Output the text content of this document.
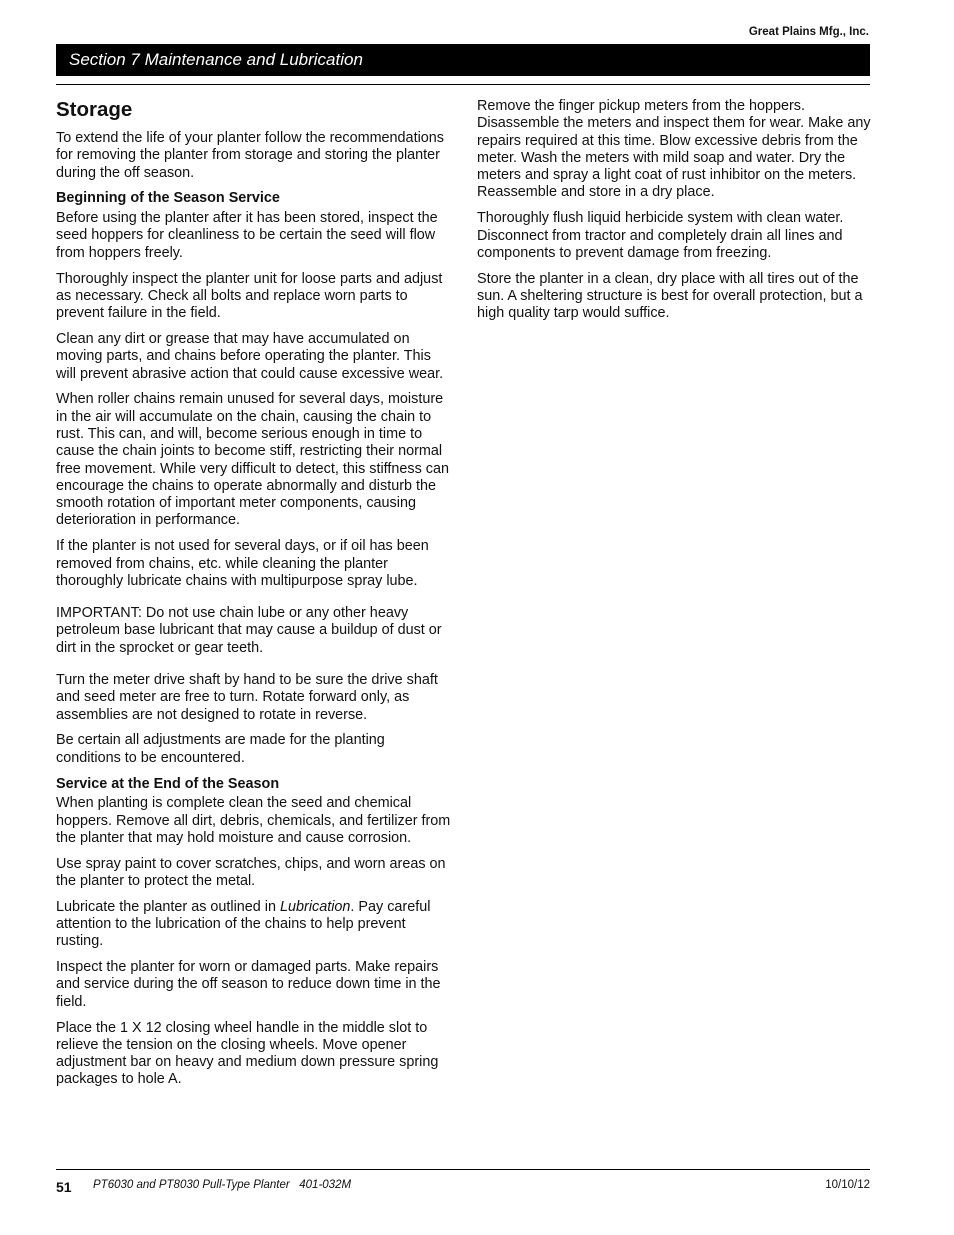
Great Plains Mfg., Inc.
Section 7 Maintenance and Lubrication
Storage

To extend the life of your planter follow the recommendations for removing the planter from storage and storing the planter during the off season.

Beginning of the Season Service

Before using the planter after it has been stored, inspect the seed hoppers for cleanliness to be certain the seed will flow from hoppers freely.

Thoroughly inspect the planter unit for loose parts and adjust as necessary. Check all bolts and replace worn parts to prevent failure in the field.

Clean any dirt or grease that may have accumulated on moving parts, and chains before operating the planter. This will prevent abrasive action that could cause excessive wear.

When roller chains remain unused for several days, moisture in the air will accumulate on the chain, causing the chain to rust. This can, and will, become serious enough in time to cause the chain joints to become stiff, restricting their normal free movement. While very difficult to detect, this stiffness can encourage the chains to operate abnormally and disturb the smooth rotation of important meter components, causing deterioration in performance.

If the planter is not used for several days, or if oil has been removed from chains, etc. while cleaning the planter thoroughly lubricate chains with multipurpose spray lube.

IMPORTANT: Do not use chain lube or any other heavy petroleum base lubricant that may cause a buildup of dust or dirt in the sprocket or gear teeth.

Turn the meter drive shaft by hand to be sure the drive shaft and seed meter are free to turn. Rotate forward only, as assemblies are not designed to rotate in reverse.

Be certain all adjustments are made for the planting conditions to be encountered.

Service at the End of the Season

When planting is complete clean the seed and chemical hoppers. Remove all dirt, debris, chemicals, and fertilizer from the planter that may hold moisture and cause corrosion.

Use spray paint to cover scratches, chips, and worn areas on the planter to protect the metal.

Lubricate the planter as outlined in Lubrication. Pay careful attention to the lubrication of the chains to help prevent rusting.

Inspect the planter for worn or damaged parts. Make repairs and service during the off season to reduce down time in the field.

Place the 1 X 12 closing wheel handle in the middle slot to relieve the tension on the closing wheels. Move opener adjustment bar on heavy and medium down pressure spring packages to hole A.

Remove the finger pickup meters from the hoppers. Disassemble the meters and inspect them for wear. Make any repairs required at this time. Blow excessive debris from the meter. Wash the meters with mild soap and water. Dry the meters and spray a light coat of rust inhibitor on the meters. Reassemble and store in a dry place.

Thoroughly flush liquid herbicide system with clean water. Disconnect from tractor and completely drain all lines and components to prevent damage from freezing.

Store the planter in a clean, dry place with all tires out of the sun. A sheltering structure is best for overall protection, but a high quality tarp would suffice.

51 PT6030 and PT8030 Pull-Type Planter   401-032M	10/10/12
